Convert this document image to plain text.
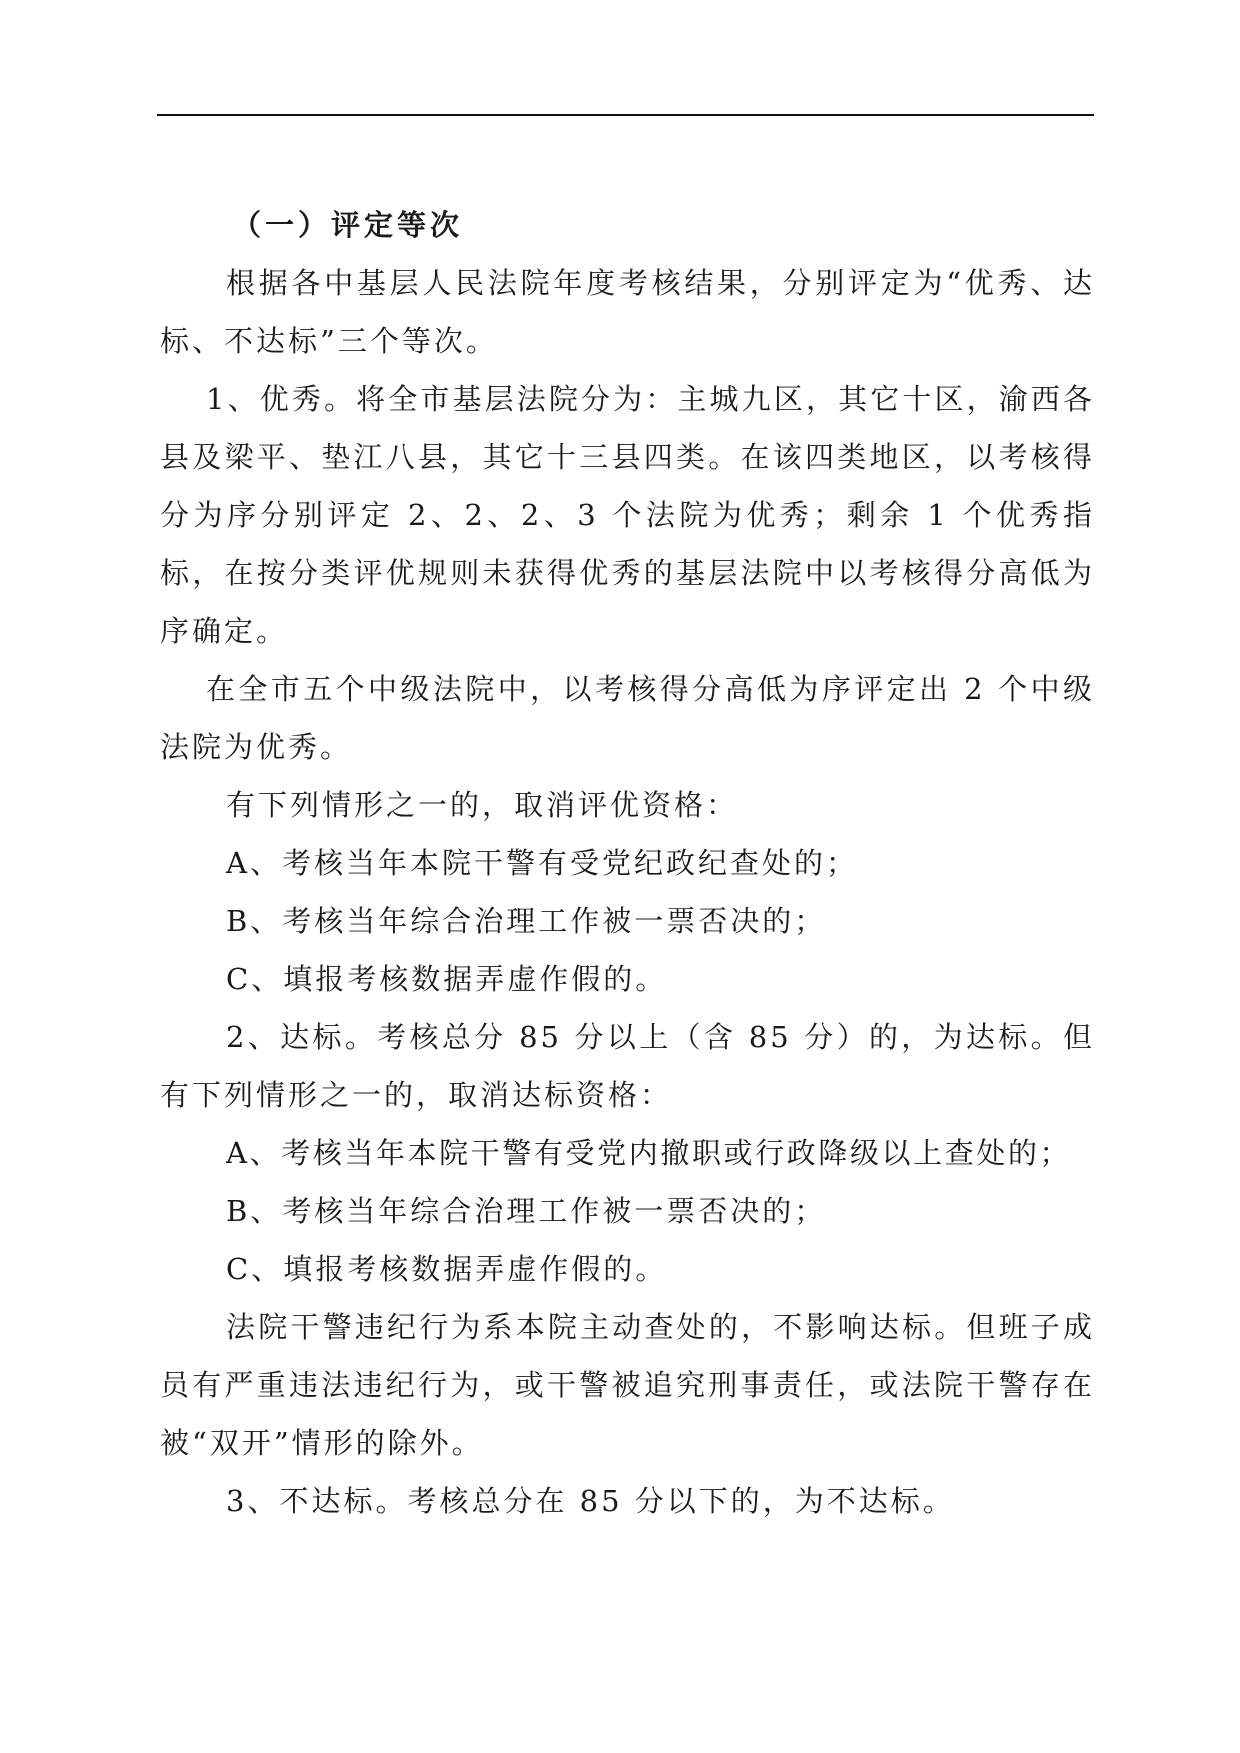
（一）评定等次

根据各中基层人民法院年度考核结果，分别评定为“优秀、达标、不达标”三个等次。

1、优秀。将全市基层法院分为：主城九区，其它十区，渝西各县及梁平、垫江八县，其它十三县四类。在该四类地区，以考核得分为序分别评定 2、2、2、3 个法院为优秀；剩余 1 个优秀指标，在按分类评优规则未获得优秀的基层法院中以考核得分高低为序确定。

在全市五个中级法院中，以考核得分高低为序评定出 2 个中级法院为优秀。

有下列情形之一的，取消评优资格：

A、考核当年本院干警有受党纪政纪查处的；

B、考核当年综合治理工作被一票否决的；

C、填报考核数据弄虚作假的。

2、达标。考核总分 85 分以上（含 85 分）的，为达标。但有下列情形之一的，取消达标资格：

A、考核当年本院干警有受党内撤职或行政降级以上查处的；

B、考核当年综合治理工作被一票否决的；

C、填报考核数据弄虚作假的。

法院干警违纪行为系本院主动查处的，不影响达标。但班子成员有严重违法违纪行为，或干警被追究刑事责任，或法院干警存在被“双开”情形的除外。

3、不达标。考核总分在 85 分以下的，为不达标。
